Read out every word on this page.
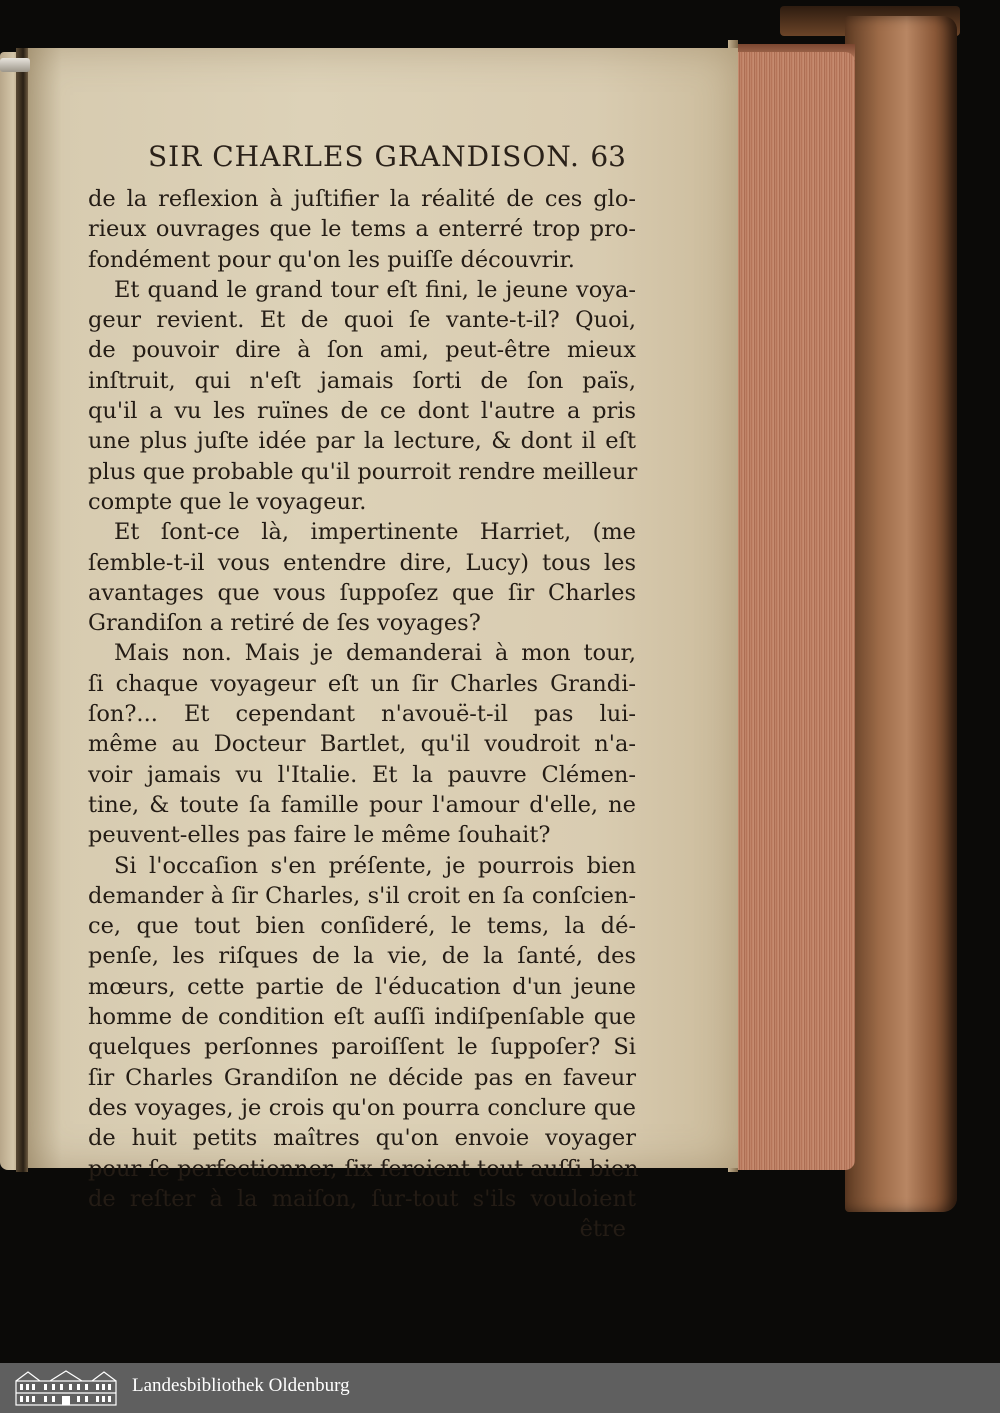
SIR CHARLES GRANDISON. 63
de la reflexion à juſtifier la réalité de ces glo-
rieux ouvrages que le tems a enterré trop pro-
fondément pour qu'on les puiſſe découvrir.
Et quand le grand tour eſt fini, le jeune voya-
geur revient. Et de quoi ſe vante-t-il? Quoi,
de pouvoir dire à ſon ami, peut-être mieux
inſtruit, qui n'eſt jamais ſorti de ſon païs,
qu'il a vu les ruïnes de ce dont l'autre a pris
une plus juſte idée par la lecture, & dont il eſt
plus que probable qu'il pourroit rendre meilleur
compte que le voyageur.
Et ſont-ce là, impertinente Harriet, (me
ſemble-t-il vous entendre dire, Lucy) tous les
avantages que vous ſuppoſez que ſir Charles
Grandiſon a retiré de ſes voyages?
Mais non. Mais je demanderai à mon tour,
ſi chaque voyageur eſt un ſir Charles Grandi-
ſon?... Et cependant n'avouë-t-il pas lui-
même au Docteur Bartlet, qu'il voudroit n'a-
voir jamais vu l'Italie. Et la pauvre Clémen-
tine, & toute ſa famille pour l'amour d'elle, ne
peuvent-elles pas faire le même ſouhait?
Si l'occaſion s'en préſente, je pourrois bien
demander à ſir Charles, s'il croit en ſa conſcien-
ce, que tout bien conſideré, le tems, la dé-
penſe, les riſques de la vie, de la ſanté, des
mœurs, cette partie de l'éducation d'un jeune
homme de condition eſt auſſi indiſpenſable que
quelques perſonnes paroiſſent le ſuppoſer? Si
ſir Charles Grandiſon ne décide pas en faveur
des voyages, je crois qu'on pourra conclure que
de huit petits maîtres qu'on envoie voyager
pour ſe perfectionner, ſix feroient tout auſſi bien
de reſter à la maiſon, ſur-tout s'ils vouloient
être
Landesbibliothek Oldenburg
